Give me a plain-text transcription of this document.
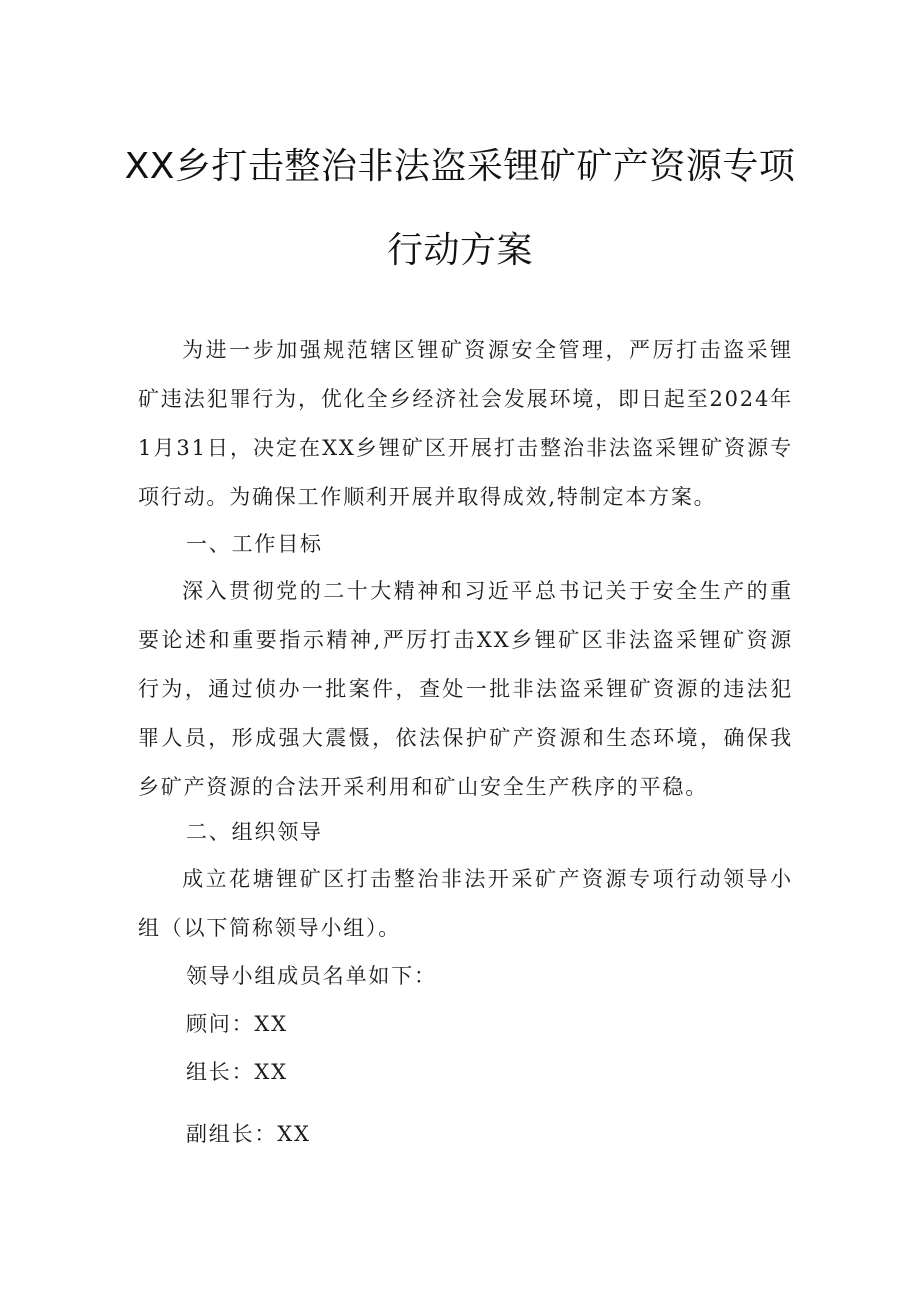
XX乡打击整治非法盗采锂矿矿产资源专项
行动方案

为进一步加强规范辖区锂矿资源安全管理，严厉打击盗采锂矿违法犯罪行为，优化全乡经济社会发展环境，即日起至2024年1月31日，决定在XX乡锂矿区开展打击整治非法盗采锂矿资源专项行动。为确保工作顺利开展并取得成效,特制定本方案。

一、工作目标

深入贯彻党的二十大精神和习近平总书记关于安全生产的重要论述和重要指示精神,严厉打击XX乡锂矿区非法盗采锂矿资源行为，通过侦办一批案件，查处一批非法盗采锂矿资源的违法犯罪人员，形成强大震慑，依法保护矿产资源和生态环境，确保我乡矿产资源的合法开采利用和矿山安全生产秩序的平稳。

二、组织领导

成立花塘锂矿区打击整治非法开采矿产资源专项行动领导小组（以下简称领导小组）。

领导小组成员名单如下：

顾问：XX

组长：XX

副组长：XX
